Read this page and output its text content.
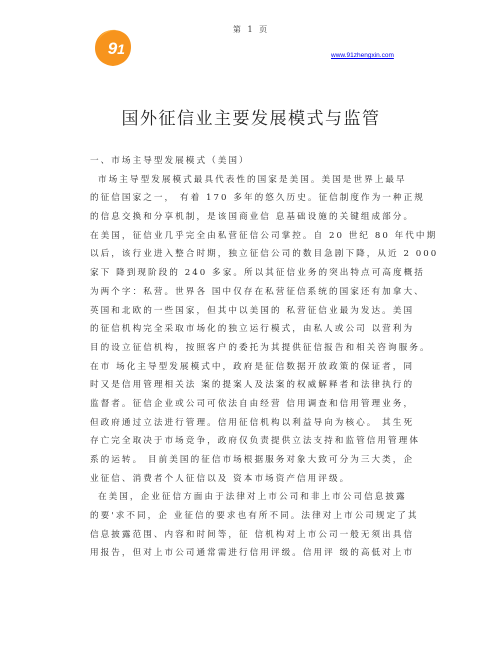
第 1 页
9 1	www.91zhengxin.com
国外征信业主要发展模式与监管
一、市场主导型发展模式（美国）
市场主导型发展模式最具代表性的国家是美国。美国是世界上最早
的征信国家之一， 有着 170 多年的悠久历史。征信制度作为一种正规
的信息交换和分享机制，是该国商业信 息基础设施的关键组成部分。
在美国，征信业几乎完全由私营征信公司掌控。自 20 世纪 80 年代中期
以后，该行业进入整合时期，独立征信公司的数目急剧下降，从近 2 000
家下 降到现阶段的 240 多家。所以其征信业务的突出特点可高度概括
为两个字：私营。世界各 国中仅存在私营征信系统的国家还有加拿大、
英国和北欧的一些国家，但其中以美国的 私营征信业最为发达。美国
的征信机构完全采取市场化的独立运行模式，由私人或公司 以营利为
目的设立征信机构，按照客户的委托为其提供征信报告和相关咨询服务。
在市 场化主导型发展模式中，政府是征信数据开放政策的保证者，同
时又是信用管理相关法 案的提案人及法案的权威解释者和法律执行的
监督者。征信企业或公司可依法自由经营 信用调查和信用管理业务，
但政府通过立法进行管理。信用征信机构以利益导向为核心。 其生死
存亡完全取决于市场竞争，政府仅负责提供立法支持和监管信用管理体
系的运转。 目前美国的征信市场根据服务对象大致可分为三大类，企
业征信、消费者个人征信以及 资本市场资产信用评级。
在美国，企业征信方面由于法律对上市公司和非上市公司信息披露
的要'求不同，企 业征信的要求也有所不同。法律对上市公司规定了其
信息披露范围、内容和时间等，征 信机构对上市公司一般无须出具信
用报告，但对上市公司通常需进行信用评级。信用评 级的高低对上市
